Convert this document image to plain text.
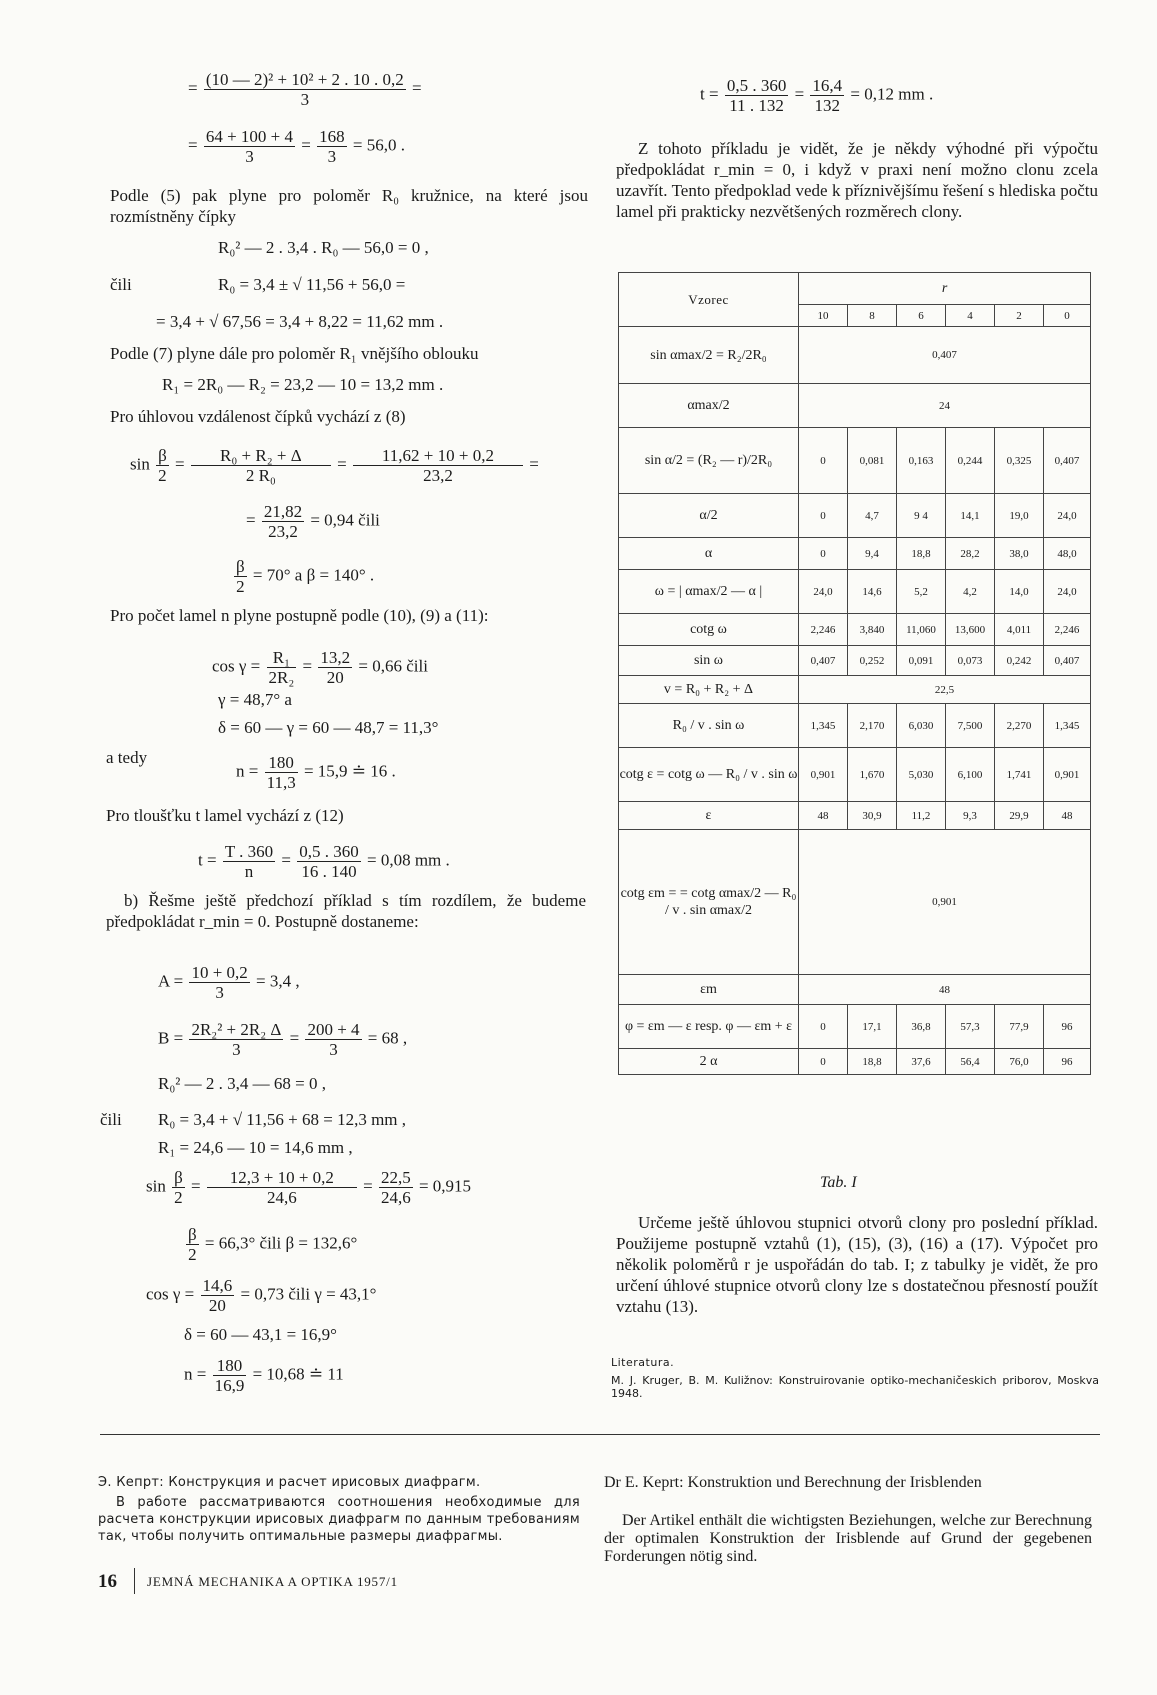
= $\frac{\text{(10 — 2)² + 10² + 2 . 10 . 0,2}}{3}$ =
= $\frac{64 + 100 + 4}{3} = \frac{168}{3} = 56,0$ .
Podle (5) pak plyne pro poloměr R₀ kružnice, na které jsou rozmístněny čípky
R₀² — 2 . 3,4 . R₀ — 56,0 = 0 ,
čili	R₀ = 3,4 ± √ 11,56 + 56,0 =
= 3,4 + √ 67,56 = 3,4 + 8,22 = 11,62 mm .
Podle (7) plyne dále pro poloměr R₁ vnějšího oblouku
R₁ = 2R₀ — R₂ = 23,2 — 10 = 13,2 mm .
Pro úhlovou vzdálenost čípků vychází z (8)
$\sin \frac{\beta}{2} = \frac{\text{R₀ + R₂ + Δ}}{\text{2 R₀}} = \frac{11,62 + 10 + 0,2}{23,2}$ =
= $\frac{21,82}{23,2} = 0,94$ čili
$\frac{\beta}{2} = 70^\circ$ a β = 140° .
Pro počet lamel n plyne postupně podle (10), (9) a (11):
$\cos \gamma = \frac{\text{R₁}}{\text{2R₂}} = \frac{13,2}{20} = 0,66$ čili
γ = 48,7° a
δ = 60 — γ = 60 — 48,7 = 11,3°
a tedy
$n = \frac{180}{11,3} = 15,9$ ≐ 16 .
Pro tloušťku t lamel vychází z (12)
$t = \frac{T . 360}{n} = \frac{0,5 . 360}{16 . 140} = 0,08$ mm .
b) Řešme ještě předchozí příklad s tím rozdílem, že budeme předpokládat r_min = 0. Postupně dostaneme:
$A = \frac{10 + 0,2}{3} = 3,4$ ,
$B = \frac{\text{2R₂² + 2R₂ Δ}}{3} = \frac{200 + 4}{3} = 68$ ,
R₀² — 2 . 3,4 — 68 = 0 ,
čili R₀ = 3,4 + √ 11,56 + 68 = 12,3 mm ,
R₁ = 24,6 — 10 = 14,6 mm ,
$\sin \frac{\beta}{2} = \frac{12,3 + 10 + 0,2}{24,6} = \frac{22,5}{24,6} = 0,915$
$\frac{\beta}{2} = 66,3^\circ$ čili β = 132,6°
$\cos \gamma = \frac{14,6}{20} = 0,73$ čili γ = 43,1°
δ = 60 — 43,1 = 16,9°
$n = \frac{180}{16,9} = 10,68$ ≐ 11
$t = \frac{0,5 . 360}{11 . 132} = \frac{16,4}{132} = 0,12$ mm .
Z tohoto příkladu je vidět, že je někdy výhodné při výpočtu předpokládat r_min = 0, i když v praxi není možno clonu zcela uzavřít. Tento předpoklad vede k příznivějšímu řešení s hlediska počtu lamel při prakticky nezvětšených rozměrech clony.
Vzorec	r					
	10	8	6	4	2	0
sin αmax/2 = R₂/2R₀	0,407					
αmax/2	24					
sin α/2 = (R₂ — r)/2R₀	0	0,081	0,163	0,244	0,325	0,407
α/2	0	4,7	9 4	14,1	19,0	24,0
α	0	9,4	18,8	28,2	38,0	48,0
ω = | αmax/2 — α |	24,0	14,6	5,2	4,2	14,0	24,0
cotg ω	2,246	3,840	11,060	13,600	4,011	2,246
sin ω	0,407	0,252	0,091	0,073	0,242	0,407
v = R₀ + R₂ + Δ	22,5					
R₀ / v . sin ω	1,345	2,170	6,030	7,500	2,270	1,345
cotg ε = cotg ω — R₀ / v . sin ω	0,901	1,670	5,030	6,100	1,741	0,901
ε	48	30,9	11,2	9,3	29,9	48
cotg εm = = cotg αmax/2 — R₀ / v . sin αmax/2	0,901					
εm	48					
φ = εm — ε resp. φ — εm + ε	0	17,1	36,8	57,3	77,9	96
2 α	0	18,8	37,6	56,4	76,0	96
Tab. I
Určeme ještě úhlovou stupnici otvorů clony pro poslední příklad. Použijeme postupně vztahů (1), (15), (3), (16) a (17). Výpočet pro několik poloměrů r je uspořádán do tab. I; z tabulky je vidět, že pro určení úhlové stupnice otvorů clony lze s dostatečnou přesností použít vztahu (13).
Literatura.
M. J. Kruger, B. M. Kuližnov: Konstruirovanie optiko-mechaničeskich priborov, Moskva 1948.
Э. Кепрт: Конструкция и расчет ирисовых диафрагм.
В работе рассматриваются соотношения необходимые для расчета конструкции ирисовых диафрагм по данным требованиям так, чтобы получить оптимальные размеры диафрагмы.
Dr E. Keprt: Konstruktion und Berechnung der Irisblenden
Der Artikel enthält die wichtigsten Beziehungen, welche zur Berechnung der optimalen Konstruktion der Irisblende auf Grund der gegebenen Forderungen nötig sind.
16 JEMNÁ MECHANIKA A OPTIKA 1957/1
